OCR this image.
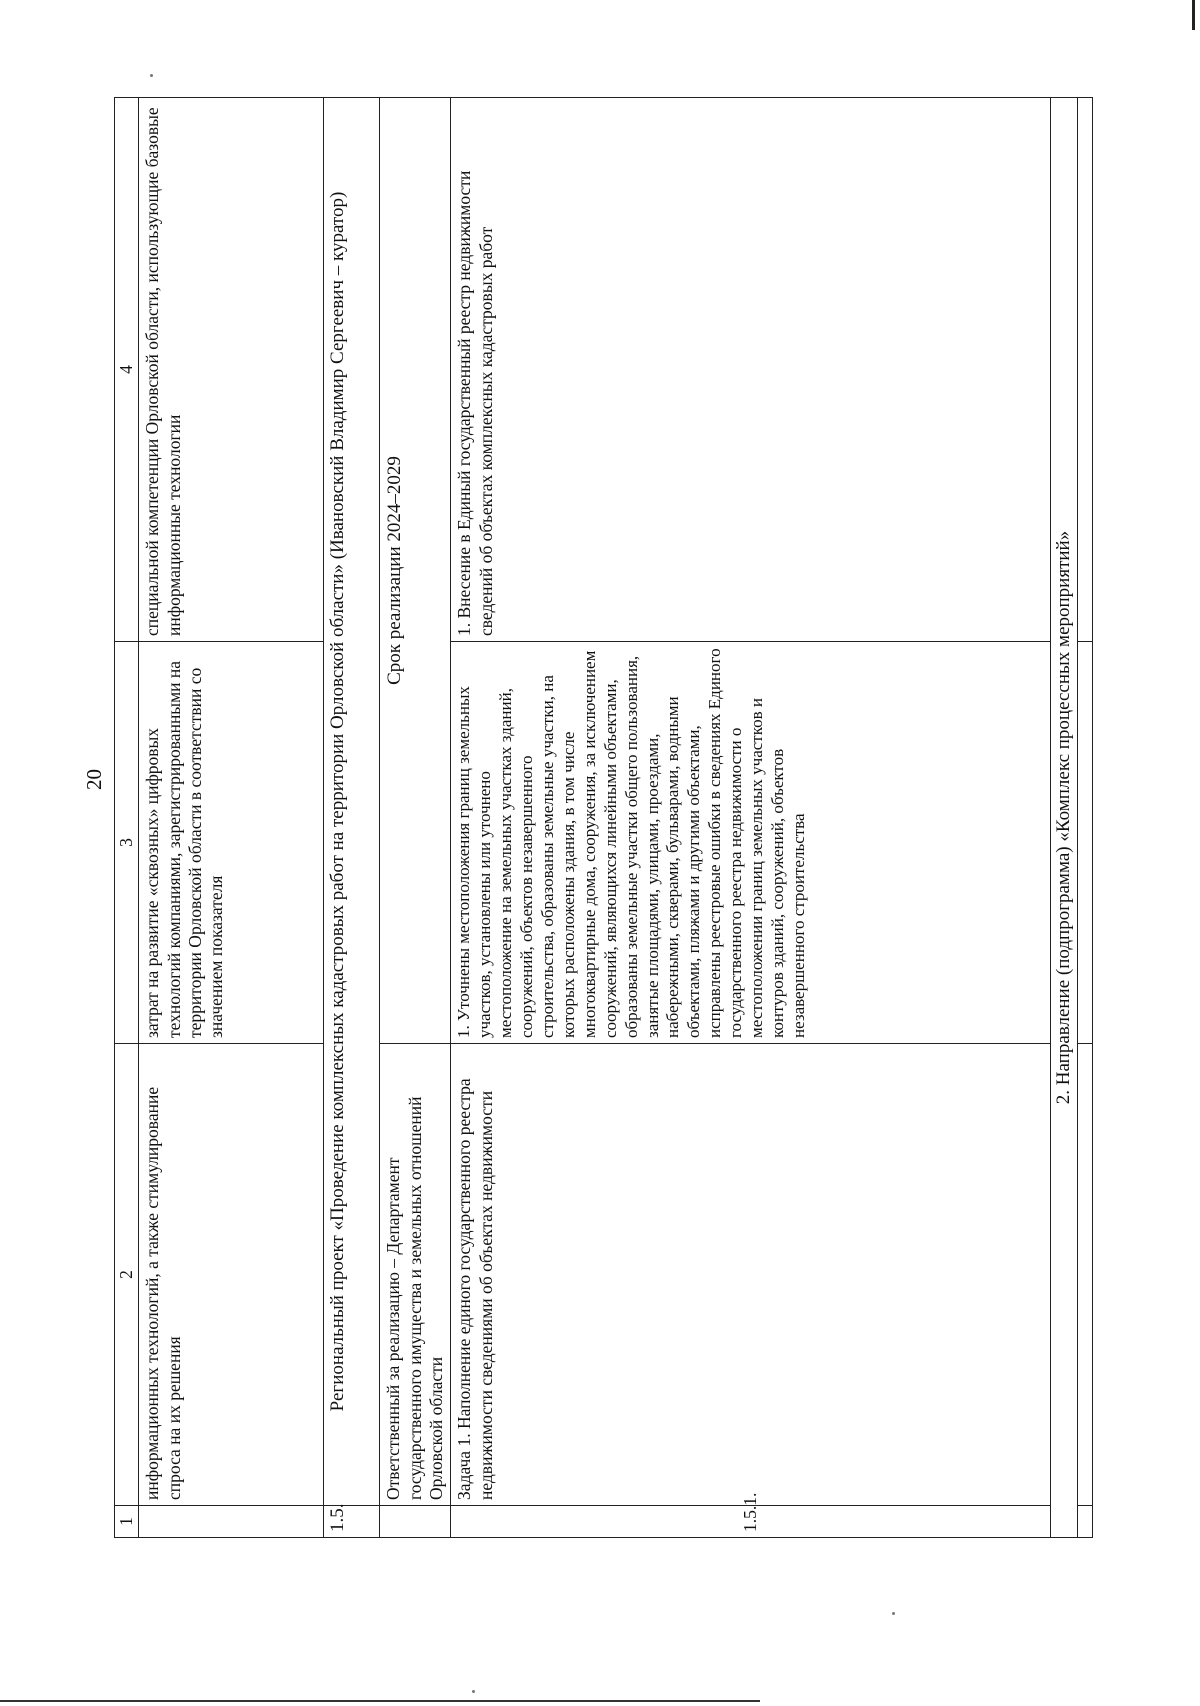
20
1	2	3	4
	информационных технологий, а также стимулирование спроса на их решения	затрат на развитие «сквозных» цифровых технологий компаниями, зарегистрированными на территории Орловской области в соответствии со значением показателя	специальной компетенции Орловской области, использующие базовые информационные технологии
1.5.	Региональный проект «Проведение комплексных кадастровых работ на территории Орловской области» (Ивановский Владимир Сергеевич – куратор)		
	Ответственный за реализацию – Департамент государственного имущества и земельных отношений Орловской области	Срок реализации 2024–2029	
1.5.1.	Задача 1. Наполнение единого государственного реестра недвижимости сведениями об объектах недвижимости	1. Уточнены местоположения границ земельных участков, установлены или уточнено местоположение на земельных участках зданий, сооружений, объектов незавершенного строительства, образованы земельные участки, на которых расположены здания, в том числе многоквартирные дома, сооружения, за исключением сооружений, являющихся линейными объектами, образованы земельные участки общего пользования, занятые площадями, улицами, проездами, набережными, скверами, бульварами, водными объектами, пляжами и другими объектами, исправлены реестровые ошибки в сведениях Единого государственного реестра недвижимости о местоположении границ земельных участков и контуров зданий, сооружений, объектов незавершенного строительства	1. Внесение в Единый государственный реестр недвижимости сведений об объектах комплексных кадастровых работ
2. Направление (подпрограмма) «Комплекс процессных мероприятий»			
